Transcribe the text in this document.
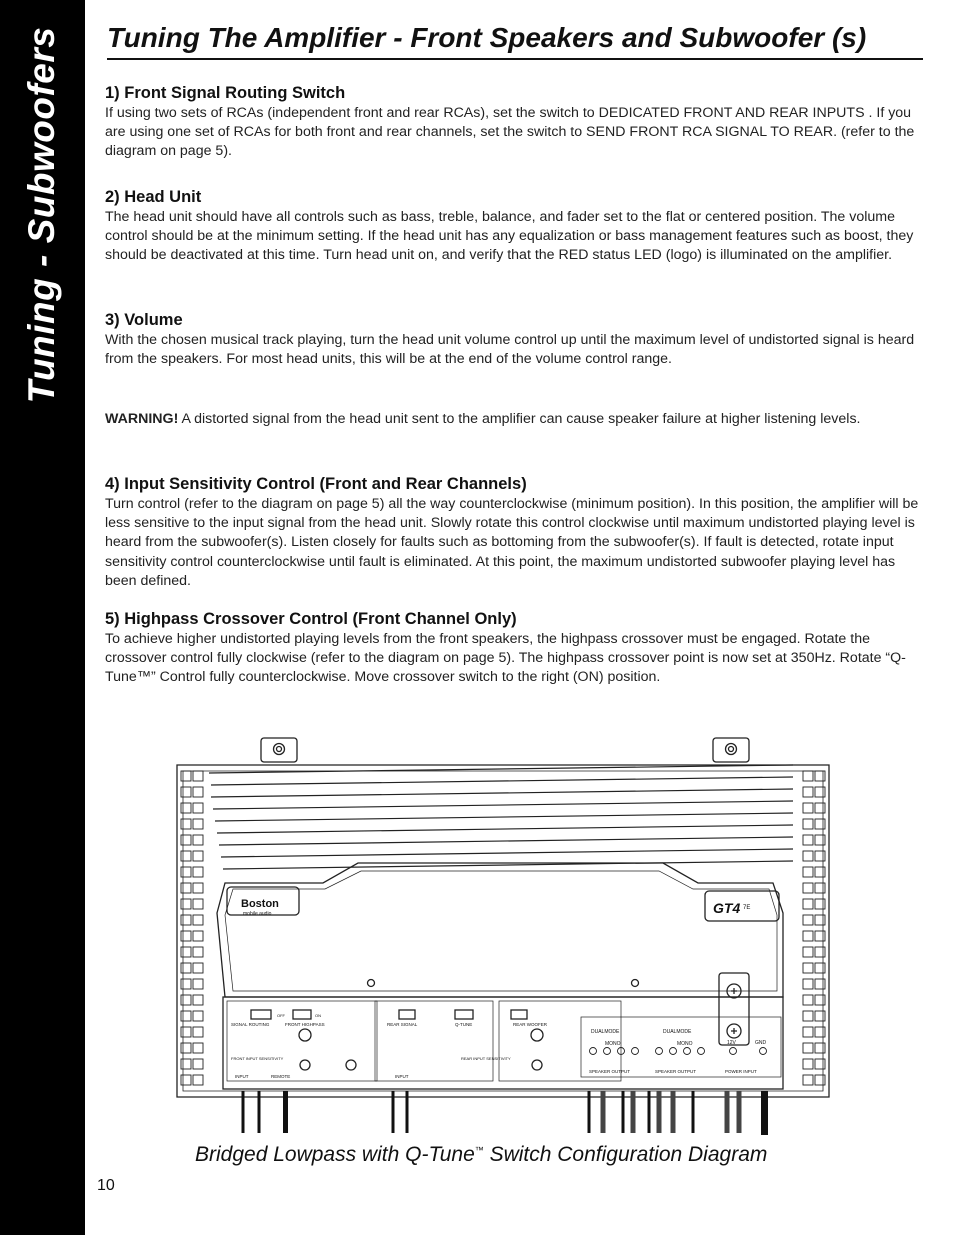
Tuning - Subwoofers Tuning The Amplifier - Front Speakers and Subwoofer (s)
1) Front Signal Routing Switch

If using two sets of RCAs (independent front and rear RCAs), set the switch to DEDICATED FRONT AND REAR INPUTS . If you are using one set of RCAs for both front and rear channels, set the switch to SEND FRONT RCA SIGNAL TO REAR. (refer to the diagram on page 5).

2) Head Unit

The head unit should have all controls such as bass, treble, balance, and fader set to the flat or centered position. The volume control should be at the minimum setting. If the head unit has any equalization or bass management features such as boost, they should be deactivated at this time. Turn head unit on, and verify that the RED status LED (logo) is illuminated on the amplifier.

3) Volume

With the chosen musical track playing, turn the head unit volume control up until the maximum level of undistorted signal is heard from the speakers. For most head units, this will be at the end of the volume control range.

WARNING! A distorted signal from the head unit sent to the amplifier can cause speaker failure at higher listening levels.

4) Input Sensitivity Control (Front and Rear Channels)

Turn control (refer to the diagram on page 5) all the way counterclockwise (minimum position). In this position, the amplifier will be less sensitive to the input signal from the head unit. Slowly rotate this control clockwise until maximum undistorted playing level is heard from the subwoofer(s). Listen closely for faults such as bottoming from the subwoofer(s). If fault is detected, rotate input sensitivity control counterclockwise until fault is eliminated. At this point, the maximum undistorted subwoofer playing level has been defined.

5) Highpass Crossover Control (Front Channel Only)

To achieve higher undistorted playing levels from the front speakers, the highpass crossover must be engaged. Rotate the crossover control fully clockwise (refer to the diagram on page 5). The highpass crossover point is now set at 350Hz. Rotate “Q-Tune™” Control fully counterclockwise. Move crossover switch to the right (ON) position.

Boston
mobile audio	GT4 7E
SIGNAL ROUTING	FRONT HIGHPASS	REAR SIGNAL	Q-TUNE	REAR WOOFER
DUALMODE	DUALMODE
MONO	MONO	12V	GND
POWER INPUT
SPEAKER OUTPUT	SPEAKER OUTPUT
INPUT	INPUT
REMOTE
FRONT INPUT SENSITIVITY	REAR INPUT SENSITIVITY
OFF	ON
Bridged Lowpass with Q-Tune™ Switch Configuration Diagram
10
